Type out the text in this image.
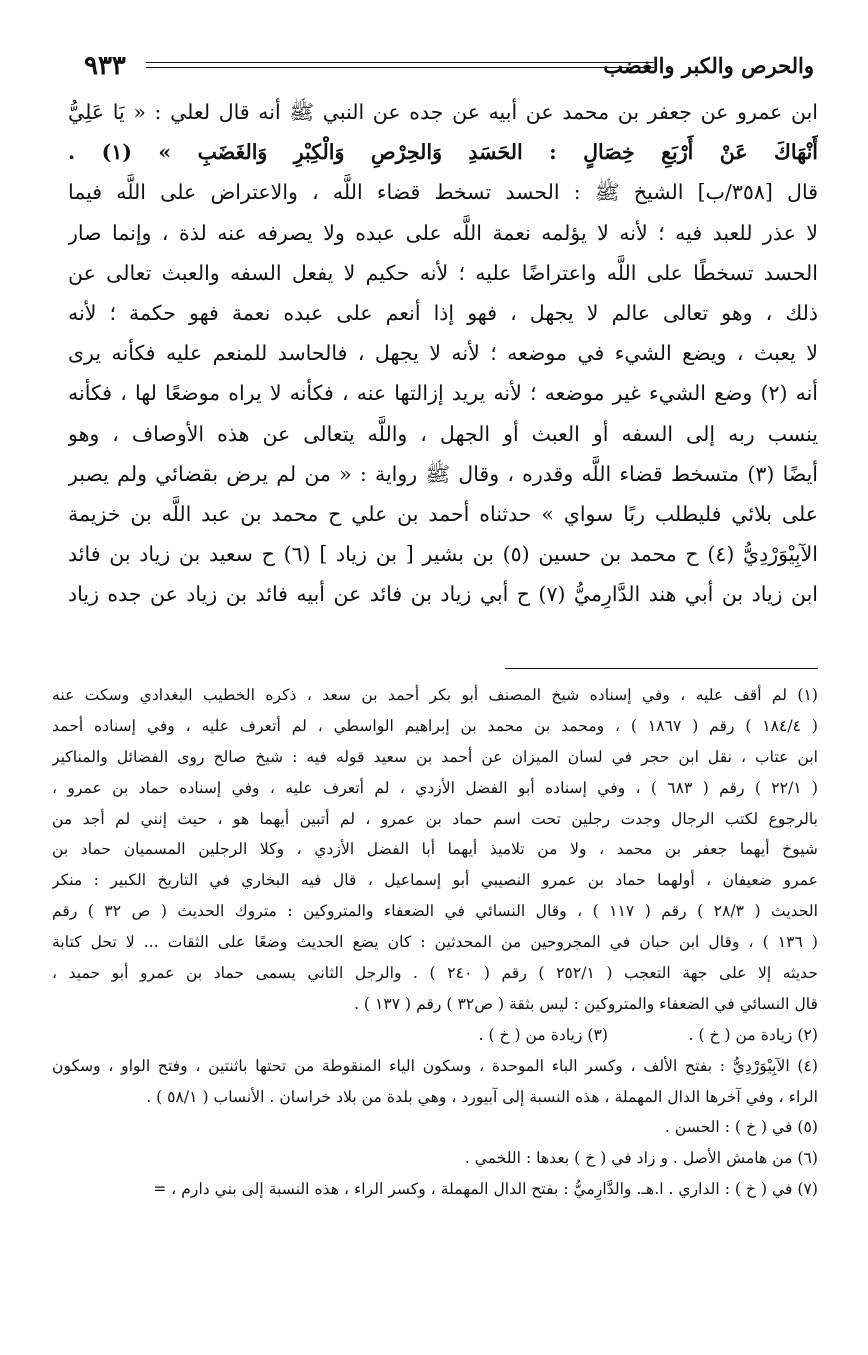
والحرص والكبر والغضب
٩٣٣
ابن عمرو عن جعفر بن محمد عن أبيه عن جده عن النبي ﷺ أنه قال لعلي : « يَا عَلِيُّ
أَنْهَاكَ عَنْ أَرْبَعِ خِصَالٍ : الحَسَدِ وَالحِرْصِ وَالْكِبْرِ وَالغَضَبِ » (١) .
قال [٣٥٨/ب] الشيخ ﷺ : الحسد تسخط قضاء اللَّه ، والاعتراض على اللَّه فيما
لا عذر للعبد فيه ؛ لأنه لا يؤلمه نعمة اللَّه على عبده ولا يصرفه عنه لذة ، وإنما صار
الحسد تسخطًا على اللَّه واعتراضًا عليه ؛ لأنه حكيم لا يفعل السفه والعبث تعالى عن
ذلك ، وهو تعالى عالم لا يجهل ، فهو إذا أنعم على عبده نعمة فهو حكمة ؛ لأنه
لا يعبث ، ويضع الشيء في موضعه ؛ لأنه لا يجهل ، فالحاسد للمنعم عليه فكأنه يرى
أنه (٢) وضع الشيء غير موضعه ؛ لأنه يريد إزالتها عنه ، فكأنه لا يراه موضعًا لها ، فكأنه
ينسب ربه إلى السفه أو العبث أو الجهل ، واللَّه يتعالى عن هذه الأوصاف ، وهو
أيضًا (٣) متسخط قضاء اللَّه وقدره ، وقال ﷺ رواية : « من لم يرض بقضائي ولم يصبر
على بلائي فليطلب ربًا سواي » حدثناه أحمد بن علي ح محمد بن عبد اللَّه بن خزيمة
الآبِيْوَرْدِيُّ (٤) ح محمد بن حسين (٥) بن بشير [ بن زياد ] (٦) ح سعيد بن زياد بن فائد
ابن زياد بن أبي هند الدَّارِميُّ (٧) ح أبي زياد بن فائد عن أبيه فائد بن زياد عن جده زياد
(١) لم أقف عليه ، وفي إسناده شيخ المصنف أبو بكر أحمد بن سعد ، ذكره الخطيب البغدادي وسكت عنه
( ١٨٤/٤ ) رقم ( ١٨٦٧ ) ، ومحمد بن محمد بن إبراهيم الواسطي ، لم أتعرف عليه ، وفي إسناده أحمد
ابن عتاب ، نقل ابن حجر في لسان الميزان عن أحمد بن سعيد قوله فيه : شيخ صالح روى الفضائل والمناكير
( ٢٢/١ ) رقم ( ٦٨٣ ) ، وفي إسناده أبو الفضل الأزدي ، لم أتعرف عليه ، وفي إسناده حماد بن عمرو ،
بالرجوع لكتب الرجال وجدت رجلين تحت اسم حماد بن عمرو ، لم أتبين أيهما هو ، حيث إنني لم أجد من
شيوخ أيهما جعفر بن محمد ، ولا من تلاميذ أيهما أبا الفضل الأزدي ، وكلا الرجلين المسميان حماد بن
عمرو ضعيفان ، أولهما حماد بن عمرو النصيبي أبو إسماعيل ، قال فيه البخاري في التاريخ الكبير : منكر
الحديث ( ٢٨/٣ ) رقم ( ١١٧ ) ، وقال النسائي في الضعفاء والمتروكين : متروك الحديث ( ص ٣٢ ) رقم
( ١٣٦ ) ، وقال ابن حبان في المجروحين من المحدثين : كان يضع الحديث وضعًا على الثقات ... لا تحل كتابة
حديثه إلا على جهة التعجب ( ٢٥٢/١ ) رقم ( ٢٤٠ ) . والرجل الثاني يسمى حماد بن عمرو أبو حميد ،
قال النسائي في الضعفاء والمتروكين : ليس بثقة ( ص٣٢ ) رقم ( ١٣٧ ) .
(٢) زيادة من ( خ ) .
(٣) زيادة من ( خ ) .
(٤) الآبِيْوَرْدِيُّ : بفتح الألف ، وكسر الباء الموحدة ، وسكون الياء المنقوطة من تحتها باثنتين ، وفتح الواو ، وسكون
الراء ، وفي آخرها الدال المهملة ، هذه النسبة إلى آبيورد ، وهي بلدة من بلاد خراسان . الأنساب ( ٥٨/١ ) .
(٥) في ( خ ) : الحسن .
(٦) من هامش الأصل . و زاد في ( خ ) بعدها : اللخمي .
(٧) في ( خ ) : الداري . ا.هـ. والدَّارِميُّ : بفتح الدال المهملة ، وكسر الراء ، هذه النسبة إلى بني دارم ، =
